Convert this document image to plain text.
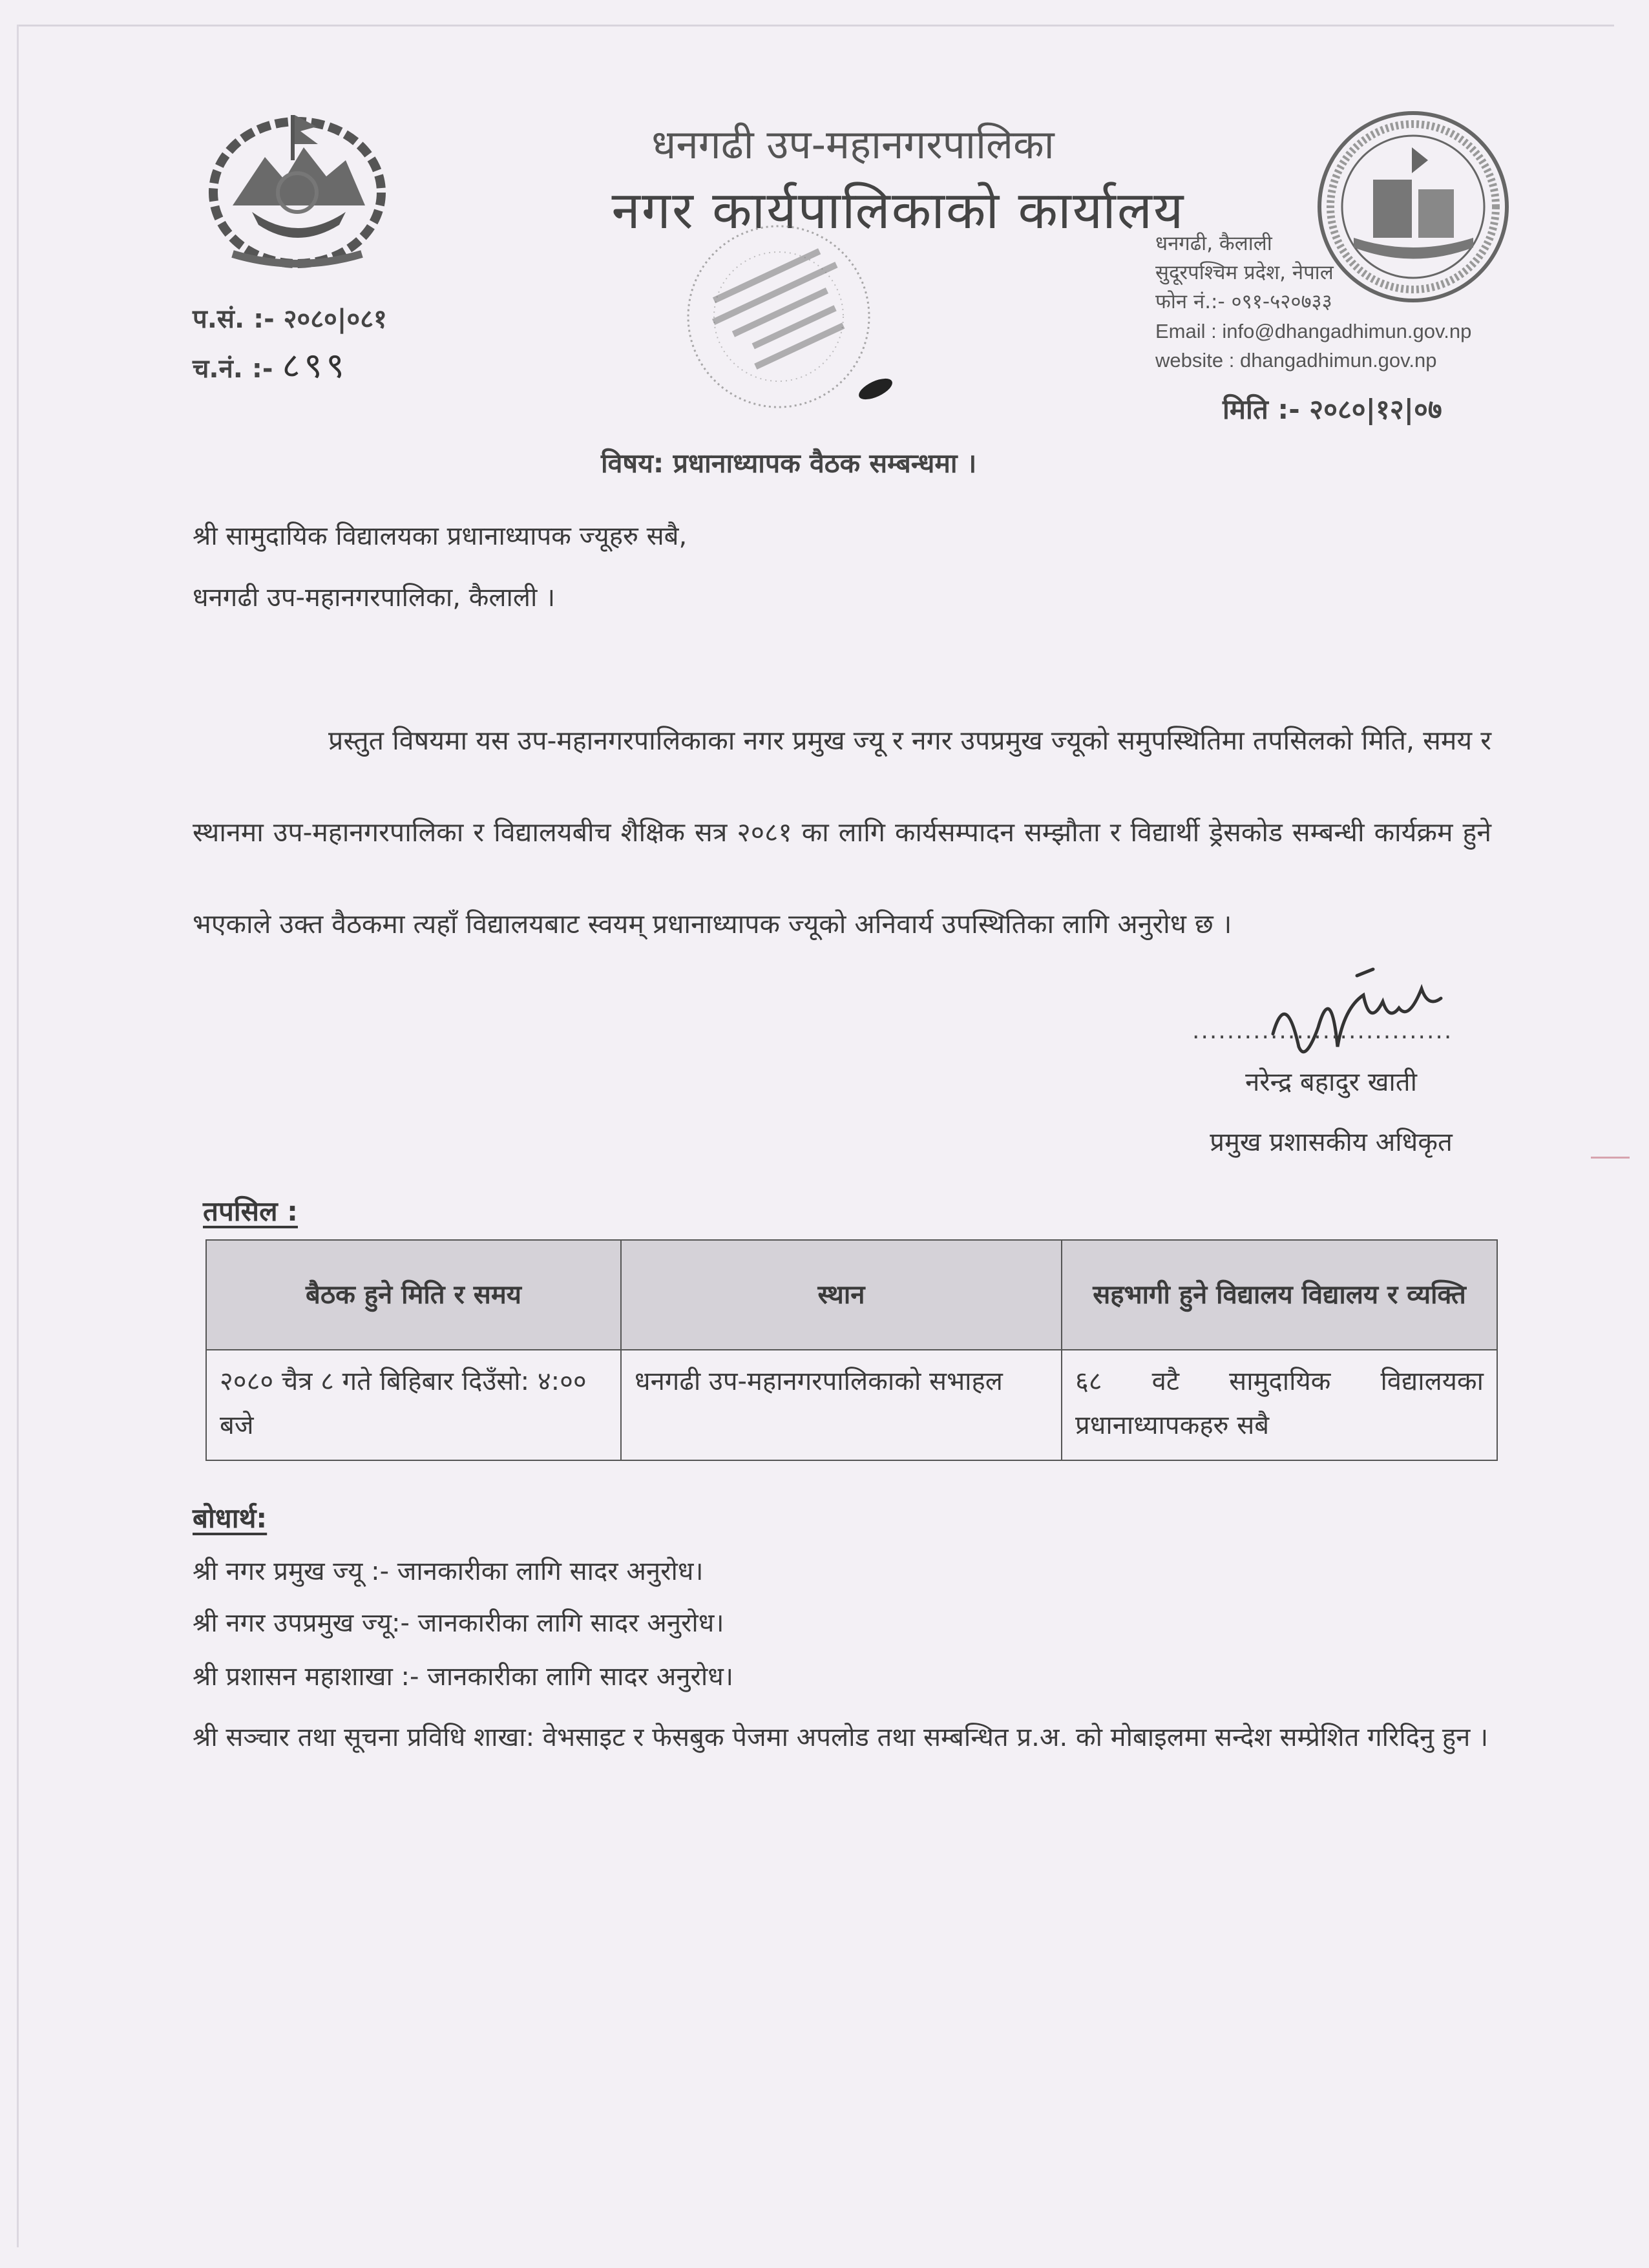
धनगढी उप-महानगरपालिका
नगर कार्यपालिकाको कार्यालय
धनगढी, कैलाली
सुदूरपश्चिम प्रदेश, नेपाल
फोन नं.:- ०९१-५२०७३३
Email : info@dhangadhimun.gov.np
website : dhangadhimun.gov.np
प.सं. :- २०८०|०८१
च.नं. :- ८९९
मिति :- २०८०|१२|०७
विषय: प्रधानाध्यापक वैठक सम्बन्धमा ।
श्री सामुदायिक विद्यालयका प्रधानाध्यापक ज्यूहरु सबै,
धनगढी उप-महानगरपालिका, कैलाली ।
प्रस्तुत विषयमा यस उप-महानगरपालिकाका नगर प्रमुख ज्यू र नगर उपप्रमुख ज्यूको समुपस्थितिमा तपसिलको मिति, समय र स्थानमा उप-महानगरपालिका र विद्यालयबीच शैक्षिक सत्र २०८१ का लागि कार्यसम्पादन सम्झौता र विद्यार्थी ड्रेसकोड सम्बन्धी कार्यक्रम हुने भएकाले उक्त वैठकमा त्यहाँ विद्यालयबाट स्वयम् प्रधानाध्यापक ज्यूको अनिवार्य उपस्थितिका लागि अनुरोध छ ।
..............................
नरेन्द्र बहादुर खाती
प्रमुख प्रशासकीय अधिकृत
तपसिल :
बैठक हुने मिति र समय	स्थान	सहभागी हुने विद्यालय विद्यालय र व्यक्ति
२०८० चैत्र ८ गते बिहिबार दिउँसो: ४:०० बजे	धनगढी उप-महानगरपालिकाको सभाहल	६८ वटै सामुदायिक विद्यालयका प्रधानाध्यापकहरु सबै
बोधार्थ:
श्री नगर प्रमुख ज्यू :- जानकारीका लागि सादर अनुरोध।
श्री नगर उपप्रमुख ज्यू:- जानकारीका लागि सादर अनुरोध।
श्री प्रशासन महाशाखा :- जानकारीका लागि सादर अनुरोध।
श्री सञ्चार तथा सूचना प्रविधि शाखा: वेभसाइट र फेसबुक पेजमा अपलोड तथा सम्बन्धित प्र.अ. को मोबाइलमा सन्देश सम्प्रेशित गरिदिनु हुन ।
